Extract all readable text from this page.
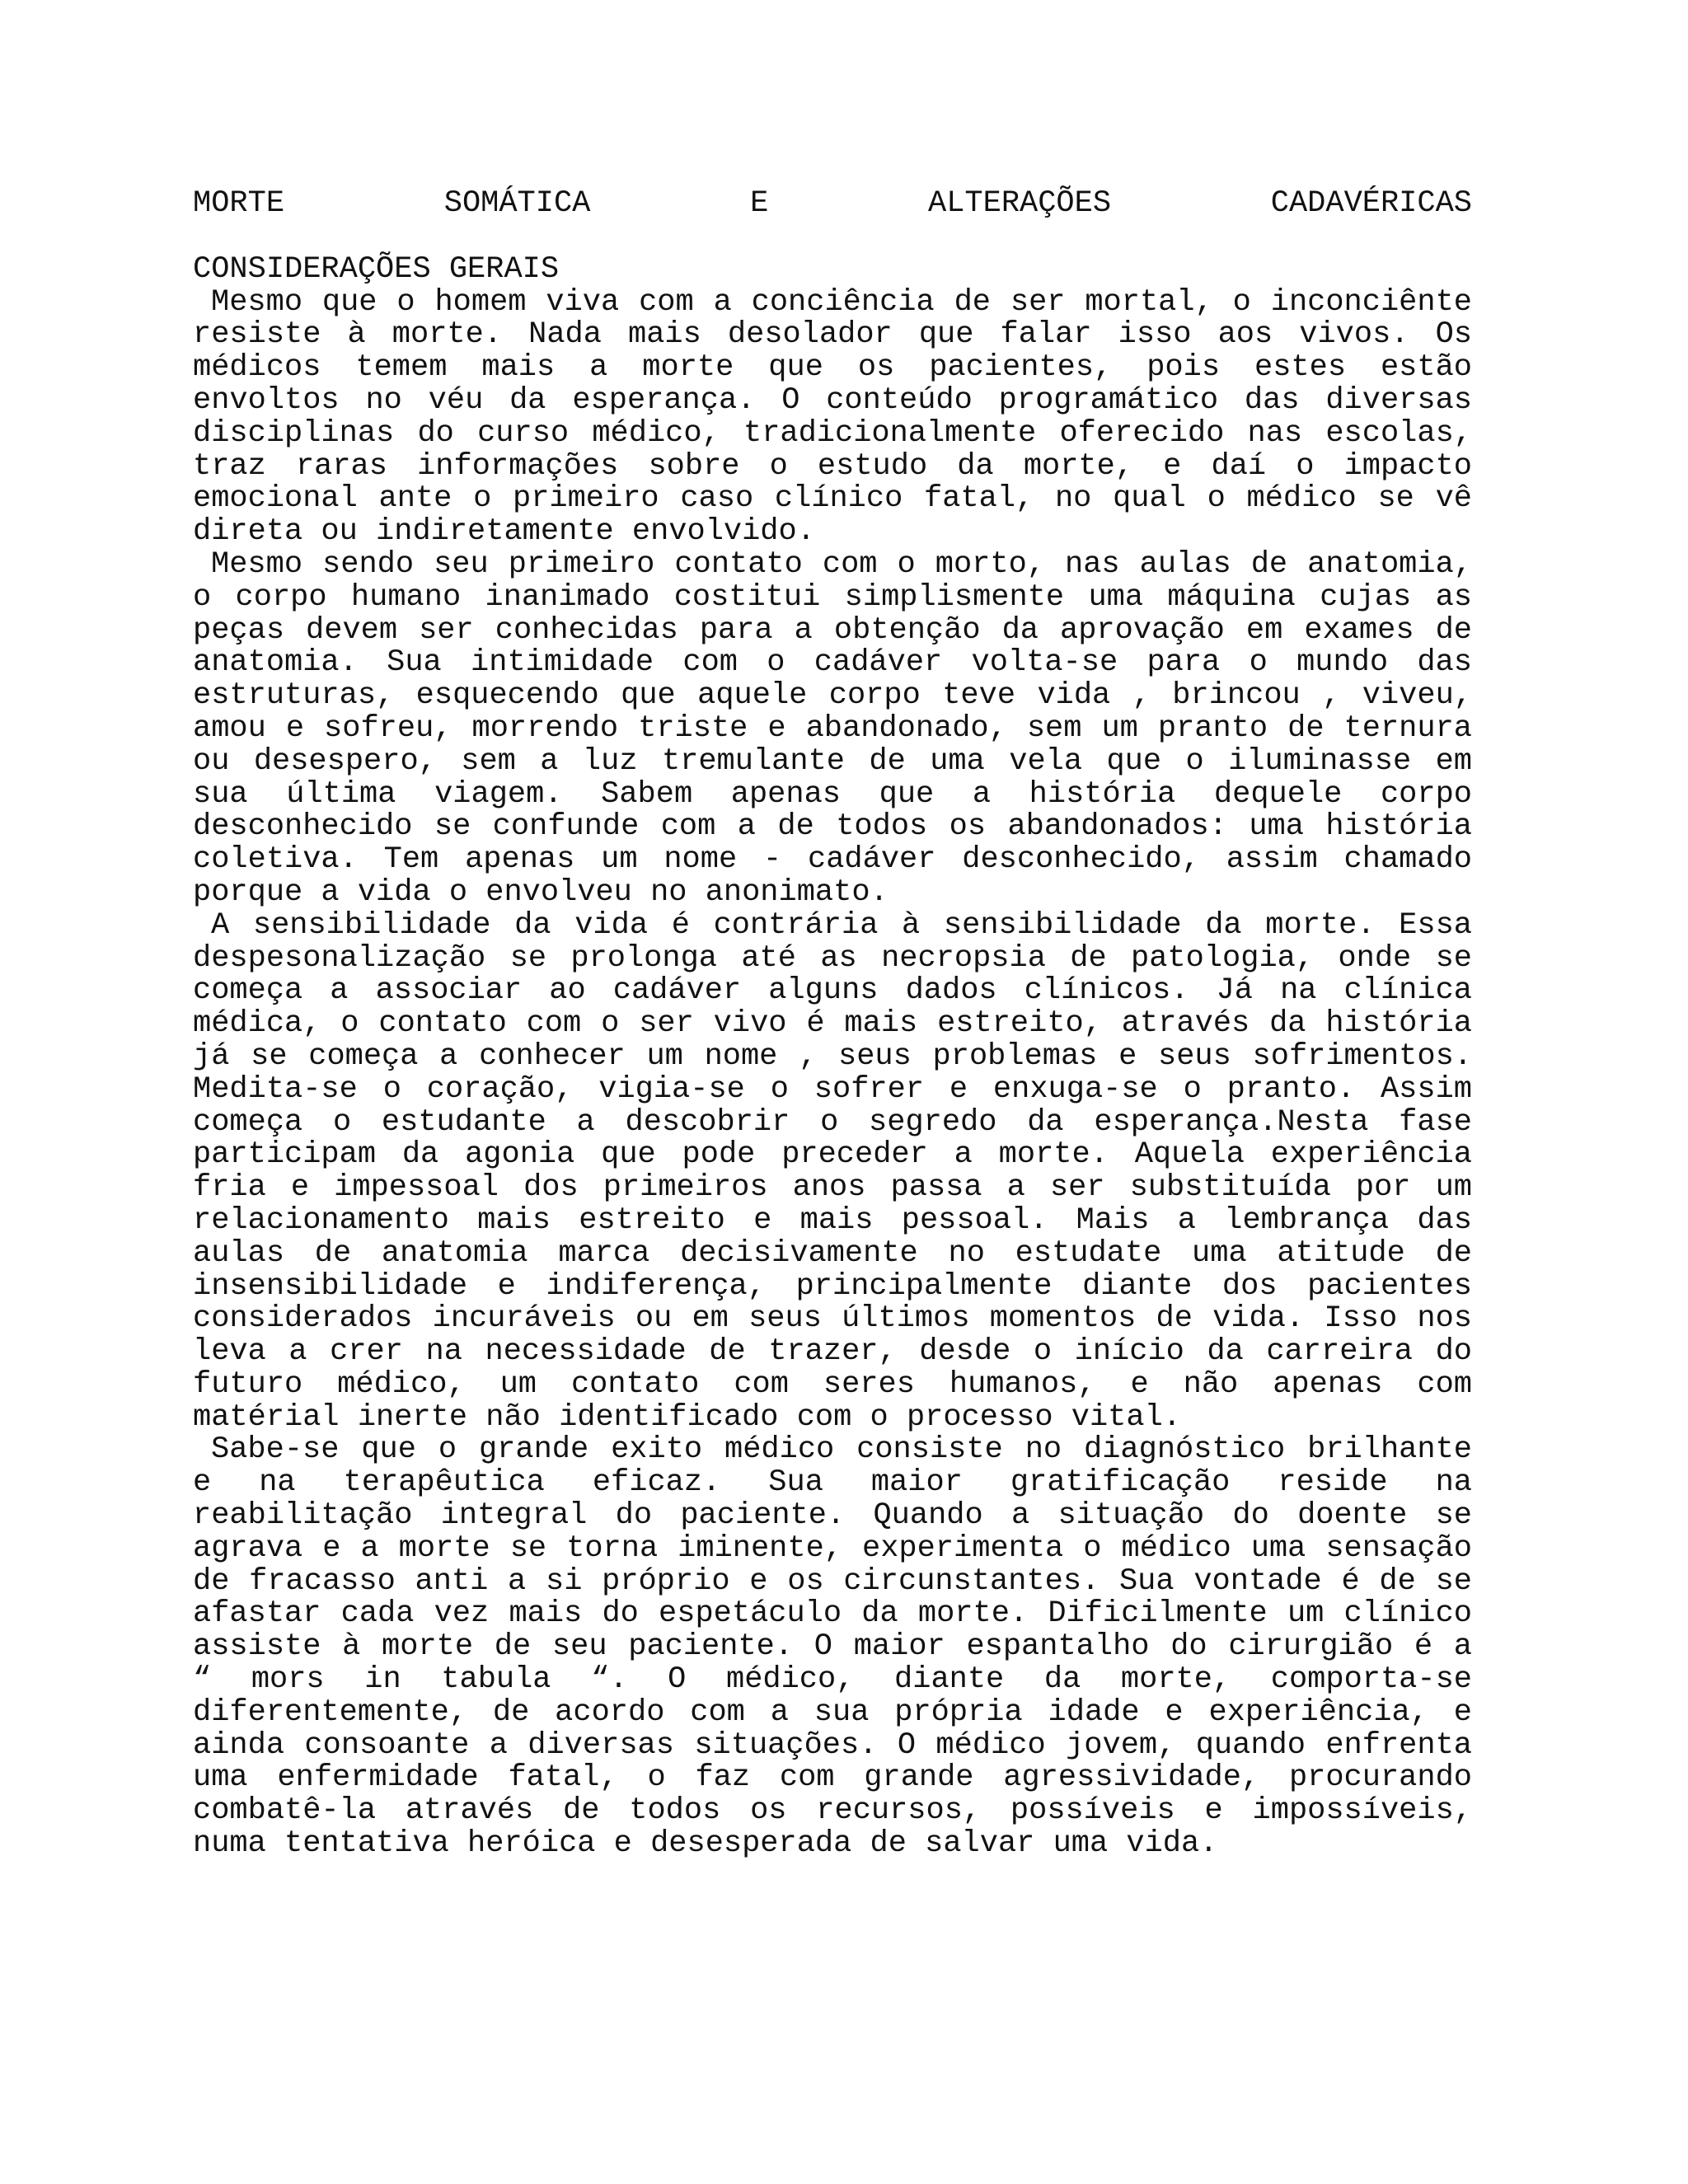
MORTE	SOMÁTICA	E	ALTERAÇÕES	CADAVÉRICAS
CONSIDERAÇÕES GERAIS

Mesmo que o homem viva com a conciência de ser mortal, o inconciênte resiste à morte. Nada mais desolador que falar isso aos vivos. Os médicos temem mais a morte que os pacientes, pois estes estão envoltos no véu da esperança. O conteúdo programático das diversas disciplinas do curso médico, tradicionalmente oferecido nas escolas, traz raras informações sobre o estudo da morte, e daí o impacto emocional ante o primeiro caso clínico fatal, no qual o médico se vê direta ou indiretamente envolvido.

Mesmo sendo seu primeiro contato com o morto, nas aulas de anatomia, o corpo humano inanimado costitui simplismente uma máquina cujas as peças devem ser conhecidas para a obtenção da aprovação em exames de anatomia. Sua intimidade com o cadáver volta-se para o mundo das estruturas, esquecendo que aquele corpo teve vida , brincou , viveu, amou e sofreu, morrendo triste e abandonado, sem um pranto de ternura ou desespero, sem a luz tremulante de uma vela que o iluminasse em sua última viagem. Sabem apenas que a história dequele corpo desconhecido se confunde com a de todos os abandonados: uma história coletiva. Tem apenas um nome - cadáver desconhecido, assim chamado porque a vida o envolveu no anonimato.

A sensibilidade da vida é contrária à sensibilidade da morte. Essa despesonalização se prolonga até as necropsia de patologia, onde se começa a associar ao cadáver alguns dados clínicos. Já na clínica médica, o contato com o ser vivo é mais estreito, através da história já se começa a conhecer um nome , seus problemas e seus sofrimentos. Medita-se o coração, vigia-se o sofrer e enxuga-se o pranto. Assim começa o estudante a descobrir o segredo da esperança.Nesta fase participam da agonia que pode preceder a morte. Aquela experiência fria e impessoal dos primeiros anos passa a ser substituída por um relacionamento mais estreito e mais pessoal. Mais a lembrança das aulas de anatomia marca decisivamente no estudate uma atitude de insensibilidade e indiferença, principalmente diante dos pacientes considerados incuráveis ou em seus últimos momentos de vida. Isso nos leva a crer na necessidade de trazer, desde o início da carreira do futuro médico, um contato com seres humanos, e não apenas com matérial inerte não identificado com o processo vital.

Sabe-se que o grande exito médico consiste no diagnóstico brilhante e na terapêutica eficaz. Sua maior gratificação reside na reabilitação integral do paciente. Quando a situação do doente se agrava e a morte se torna iminente, experimenta o médico uma sensação de fracasso anti a si próprio e os circunstantes. Sua vontade é de se afastar cada vez mais do espetáculo da morte. Dificilmente um clínico assiste à morte de seu paciente. O maior espantalho do cirurgião é a “ mors in tabula “. O médico, diante da morte, comporta-se diferentemente, de acordo com a sua própria idade e experiência, e ainda consoante a diversas situações. O médico jovem, quando enfrenta uma enfermidade fatal, o faz com grande agressividade, procurando combatê-la através de todos os recursos, possíveis e impossíveis, numa tentativa heróica e desesperada de salvar uma vida.
